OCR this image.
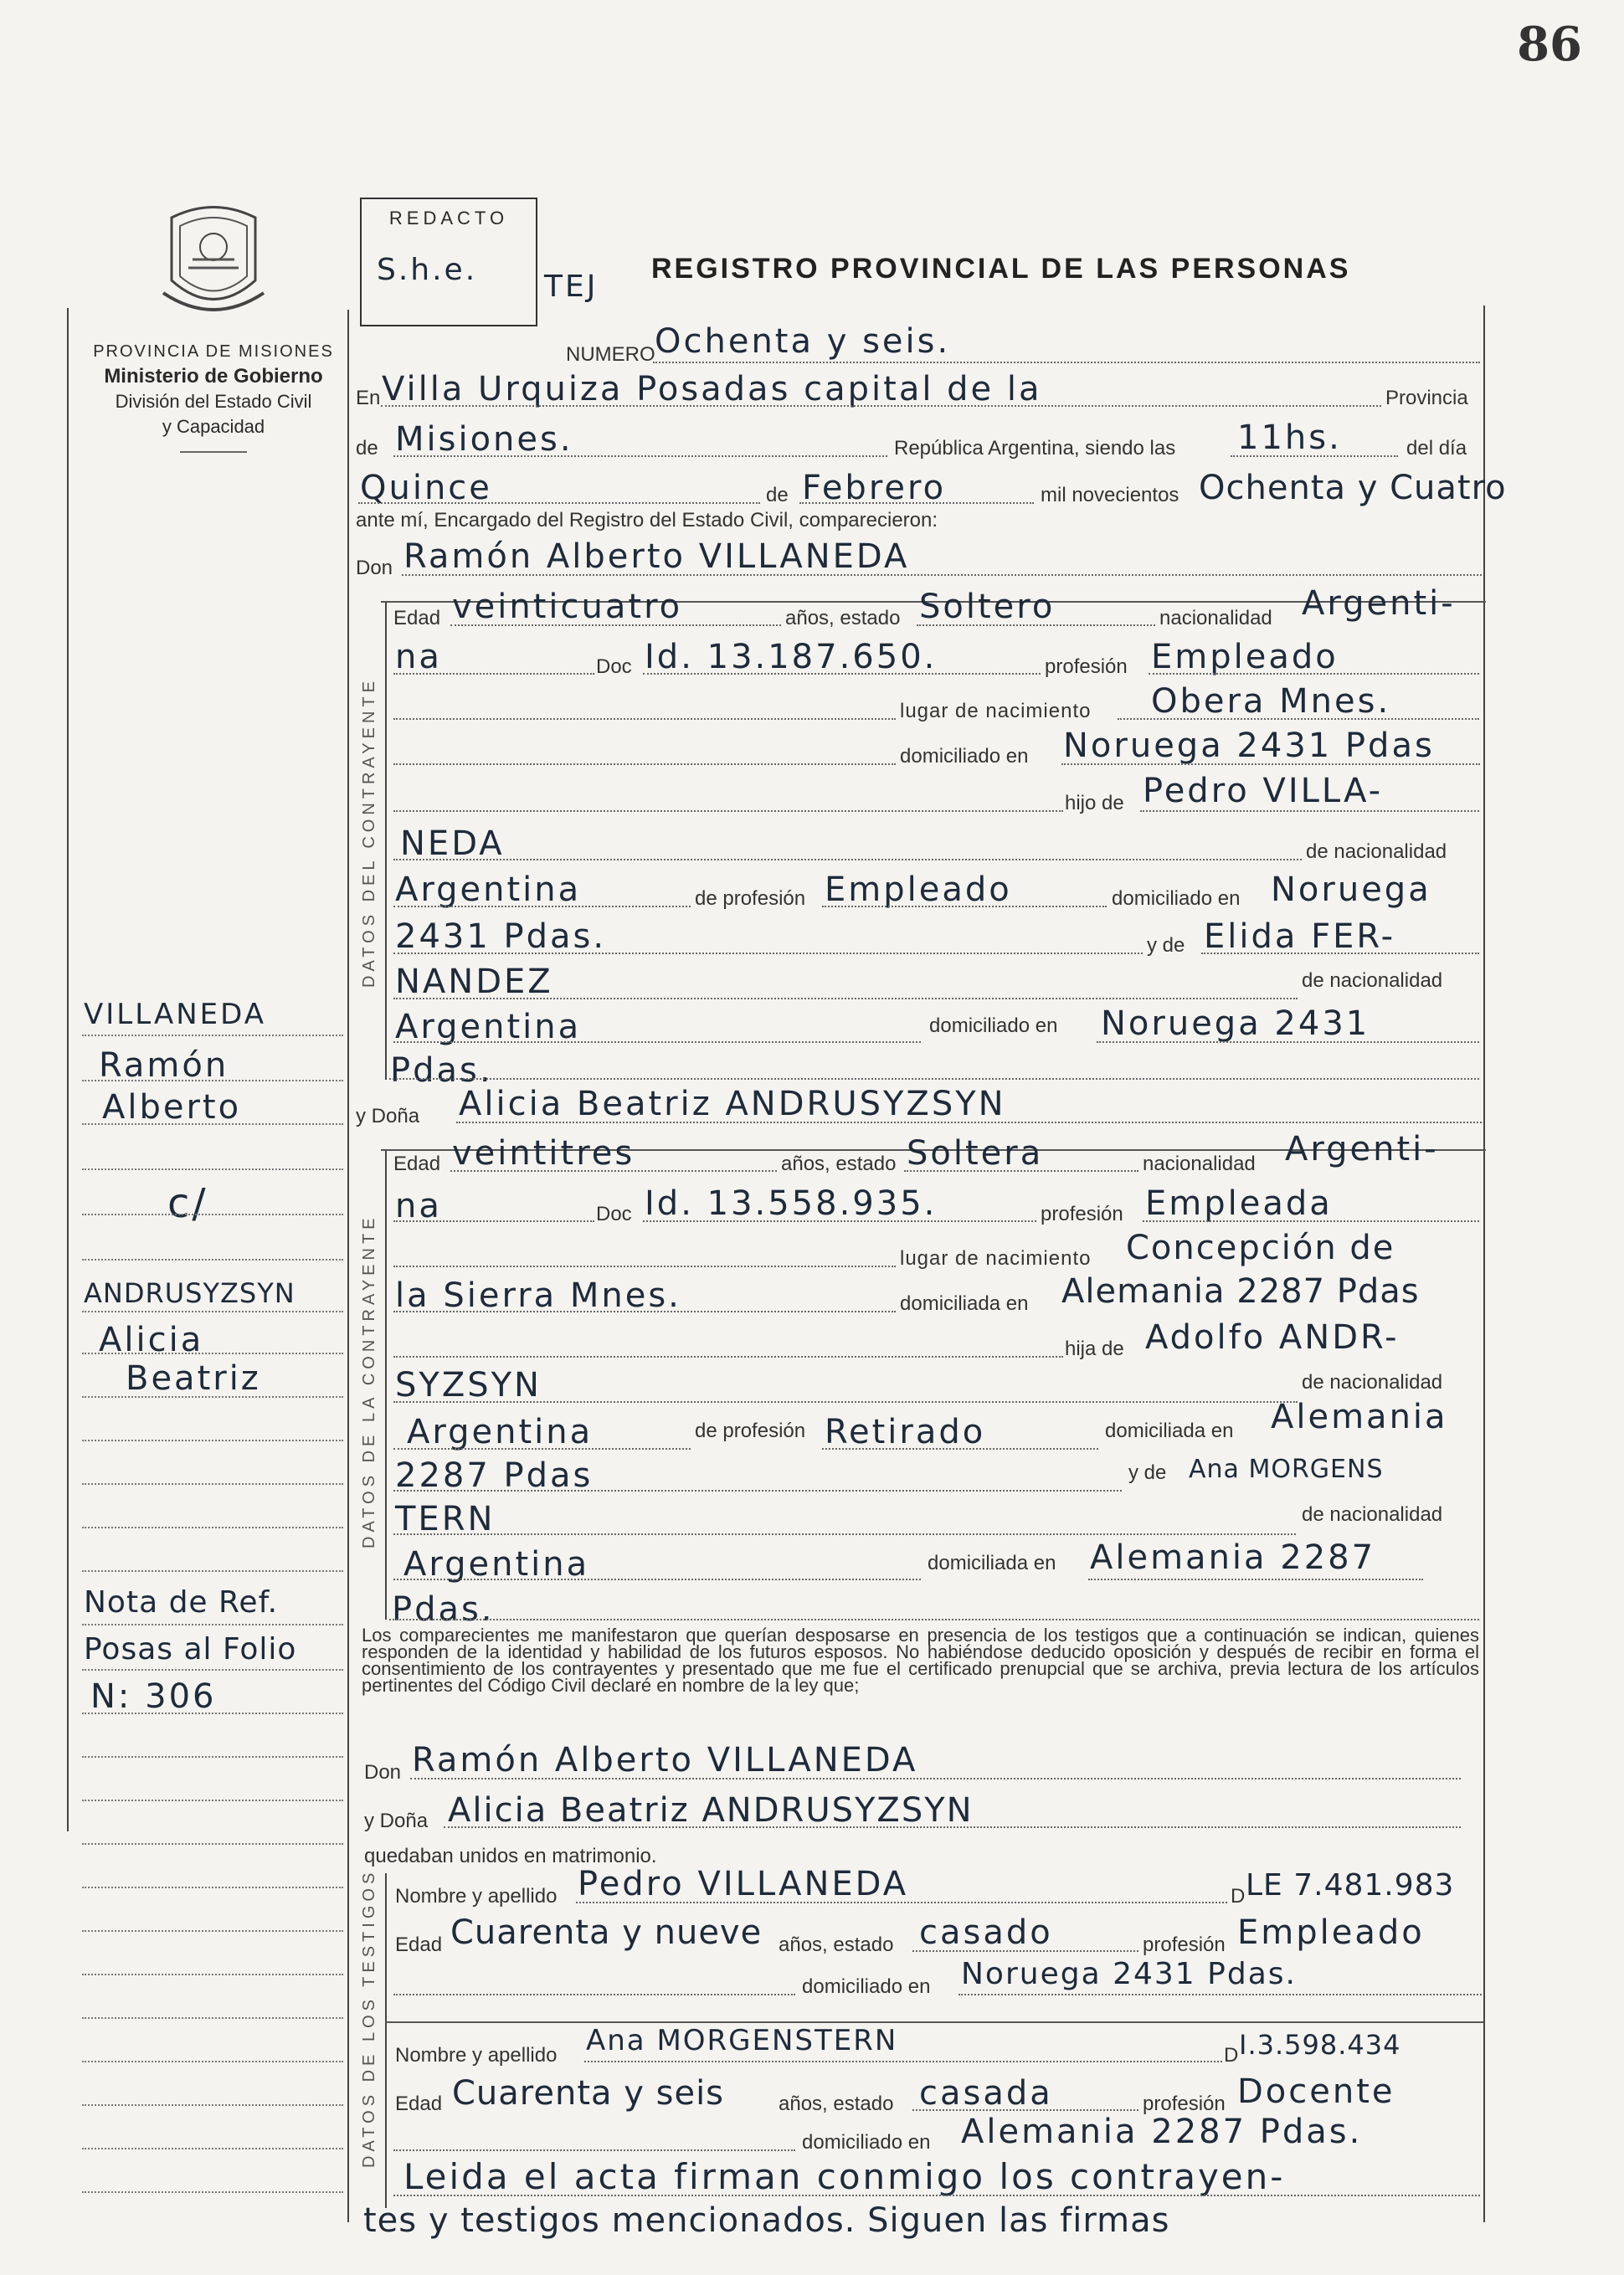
86
PROVINCIA DE MISIONES
Ministerio de Gobierno
División del Estado Civil
y Capacidad
REDACTO
S.h.e. TEJ
REGISTRO PROVINCIAL DE LAS PERSONAS
DATOS DEL CONTRAYENTE
DATOS DE LA CONTRAYENTE
DATOS DE LOS TESTIGOS
NUMERO Ochenta y seis.
En Villa Urquiza Posadas capital de la	Provincia
de Misiones.	República Argentina, siendo las 11hs.	del día
Quince	de Febrero	mil novecientos Ochenta y Cuatro
ante mí, Encargado del Registro del Estado Civil, comparecieron:
Don Ramón Alberto VILLANEDA
Edad veinticuatro	años, estado Soltero	nacionalidad Argenti-
na	Doc Id. 13.187.650.	profesión Empleado
lugar de nacimiento Obera Mnes.
domiciliado en Noruega 2431 Pdas
hijo de Pedro VILLA-
NEDA	de nacionalidad
Argentina	de profesión Empleado	domiciliado en Noruega
2431 Pdas.	y de Elida FER-
NANDEZ	de nacionalidad
Argentina	domiciliado en Noruega 2431
Pdas.
y Doña Alicia Beatriz ANDRUSYZSYN
Edad veintitres	años, estado Soltera	nacionalidad Argenti-
na	Doc Id. 13.558.935.	profesión Empleada
lugar de nacimiento Concepción de
la Sierra Mnes.	domiciliada en Alemania 2287 Pdas
hija de Adolfo ANDR-
SYZSYN	de nacionalidad
Argentina	de profesión Retirado	domiciliada en Alemania
2287 Pdas	y de Ana MORGENS
TERN	de nacionalidad
Argentina	domiciliada en Alemania 2287
Pdas.
VILLANEDA
Ramón
Alberto
c/
ANDRUSYZSYN
Alicia
Beatriz
Nota de Ref.
Posas al Folio
N: 306
Los comparecientes me manifestaron que querían desposarse en presencia de los testigos que a continuación se indican, quienes responden de la identidad y habilidad de los futuros esposos. No habiéndose deducido oposición y después de recibir en forma el consentimiento de los contrayentes y presentado que me fue el certificado prenupcial que se archiva, previa lectura de los artículos pertinentes del Código Civil declaré en nombre de la ley que;
Don Ramón Alberto VILLANEDA
y Doña Alicia Beatriz ANDRUSYZSYN
quedaban unidos en matrimonio.
Nombre y apellido Pedro VILLANEDA	D LE 7.481.983
Edad Cuarenta y nueve años, estado casado	profesión Empleado
domiciliado en Noruega 2431 Pdas.
Nombre y apellido Ana MORGENSTERN	D I.3.598.434
Edad Cuarenta y seis	años, estado casada	profesión Docente
domiciliado en Alemania 2287 Pdas.
Leida el acta firman conmigo los contrayen-
tes y testigos mencionados. Siguen las firmas
